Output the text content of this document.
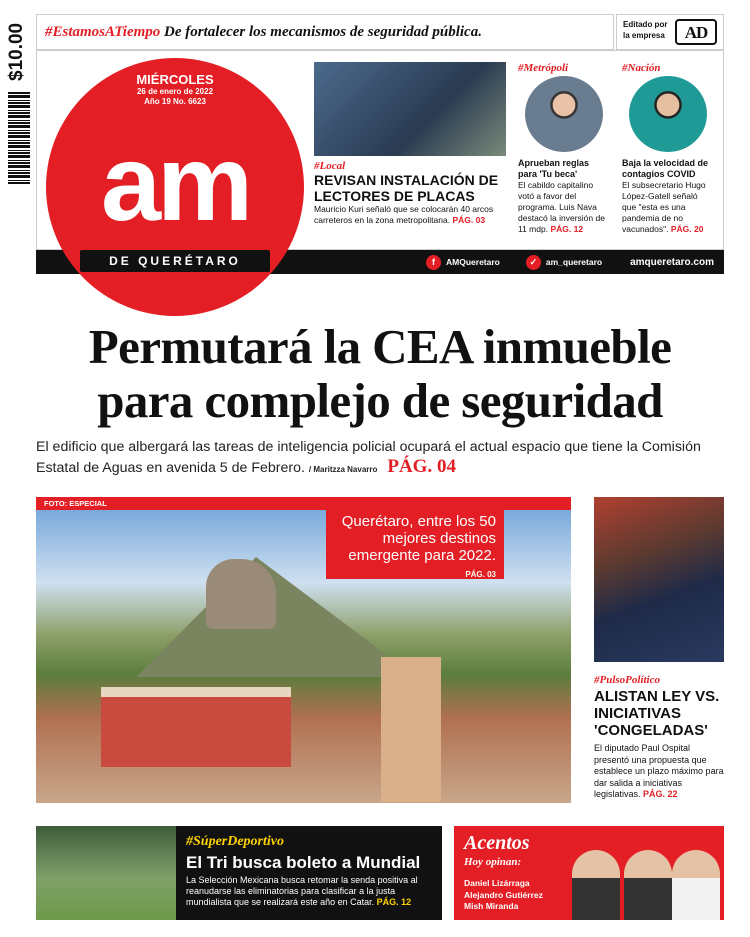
$10.00	#EstamosATiempo
De fortalecer los mecanismos de seguridad pública.	Editado por la empresa	AD
MIÉRCOLES
26 de enero de 2022
Año 19 No. 6623
am
DE QUERÉTARO
#Local
REVISAN INSTALACIÓN DE LECTORES DE PLACAS
Mauricio Kuri señaló que se colocarán 40 arcos carreteros en la zona metropolitana. PÁG. 03
#Metrópoli
Aprueban reglas para 'Tu beca'
El cabildo capitalino votó a favor del programa. Luis Nava destacó la inversión de 11 mdp. PÁG. 12
#Nación
Baja la velocidad de contagios COVID
El subsecretario Hugo López-Gatell señaló que "esta es una pandemia de no vacunados". PÁG. 20
f	AMQueretaro	✓	am_queretaro	amqueretaro.com
Permutará la CEA inmueble para complejo de seguridad
El edificio que albergará las tareas de inteligencia policial ocupará el actual espacio que tiene la Comisión Estatal de Aguas en avenida 5 de Febrero. / Maritzza Navarro PÁG. 04
FOTO: ESPECIAL
Querétaro, entre los 50 mejores destinos emergente para 2022. PÁG. 03
#PulsoPolítico
ALISTAN LEY VS. INICIATIVAS 'CONGELADAS'
El diputado Paul Ospital presentó una propuesta que establece un plazo máximo para dar salida a iniciativas legislativas. PÁG. 22
#SúperDeportivo
El Tri busca boleto a Mundial
La Selección Mexicana busca retomar la senda positiva al reanudarse las eliminatorias para clasificar a la justa mundialista que se realizará este año en Catar. PÁG. 12
Acentos
Hoy opinan:
Daniel Lizárraga
Alejandro Gutiérrez
Mish Miranda
